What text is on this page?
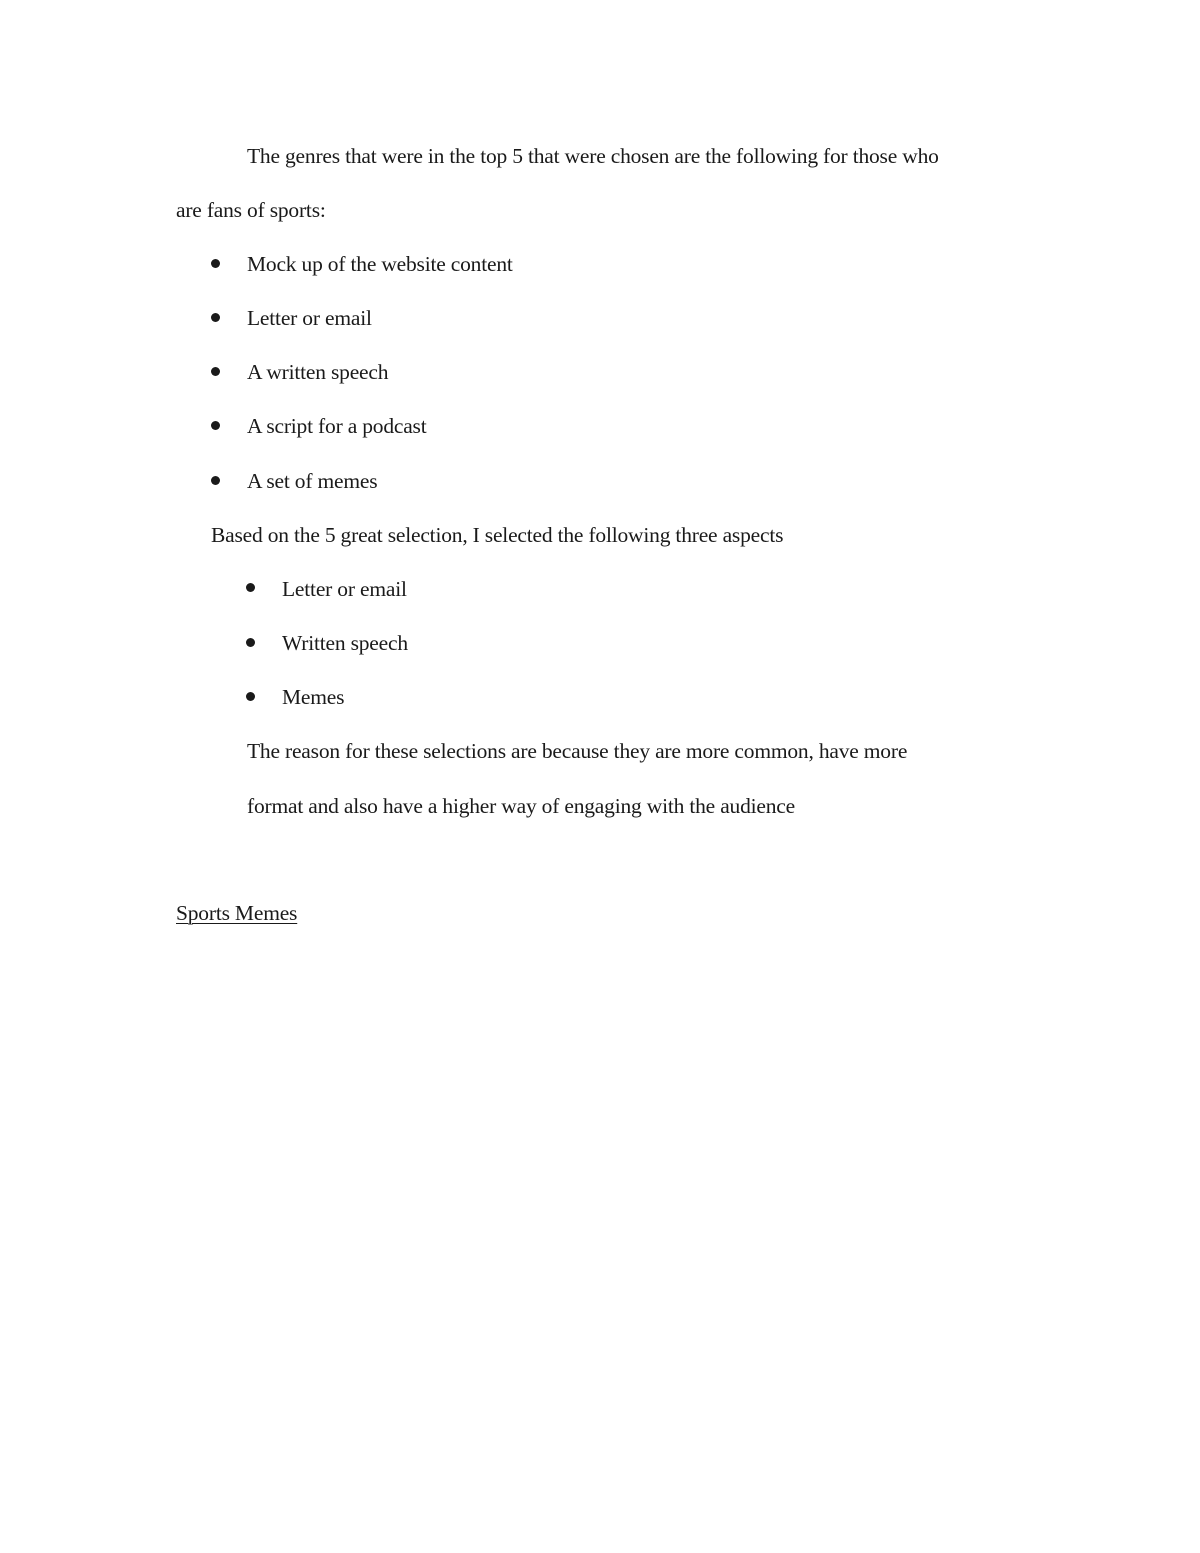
The genres that were in the top 5 that were chosen are the following for those who
are fans of sports:
Mock up of the website content
Letter or email
A written speech
A script for a podcast
A set of memes
Based on the 5 great selection, I selected the following three aspects
Letter or email
Written speech
Memes
The reason for these selections are because they are more common, have more
format and also have a higher way of engaging with the audience
Sports Memes
